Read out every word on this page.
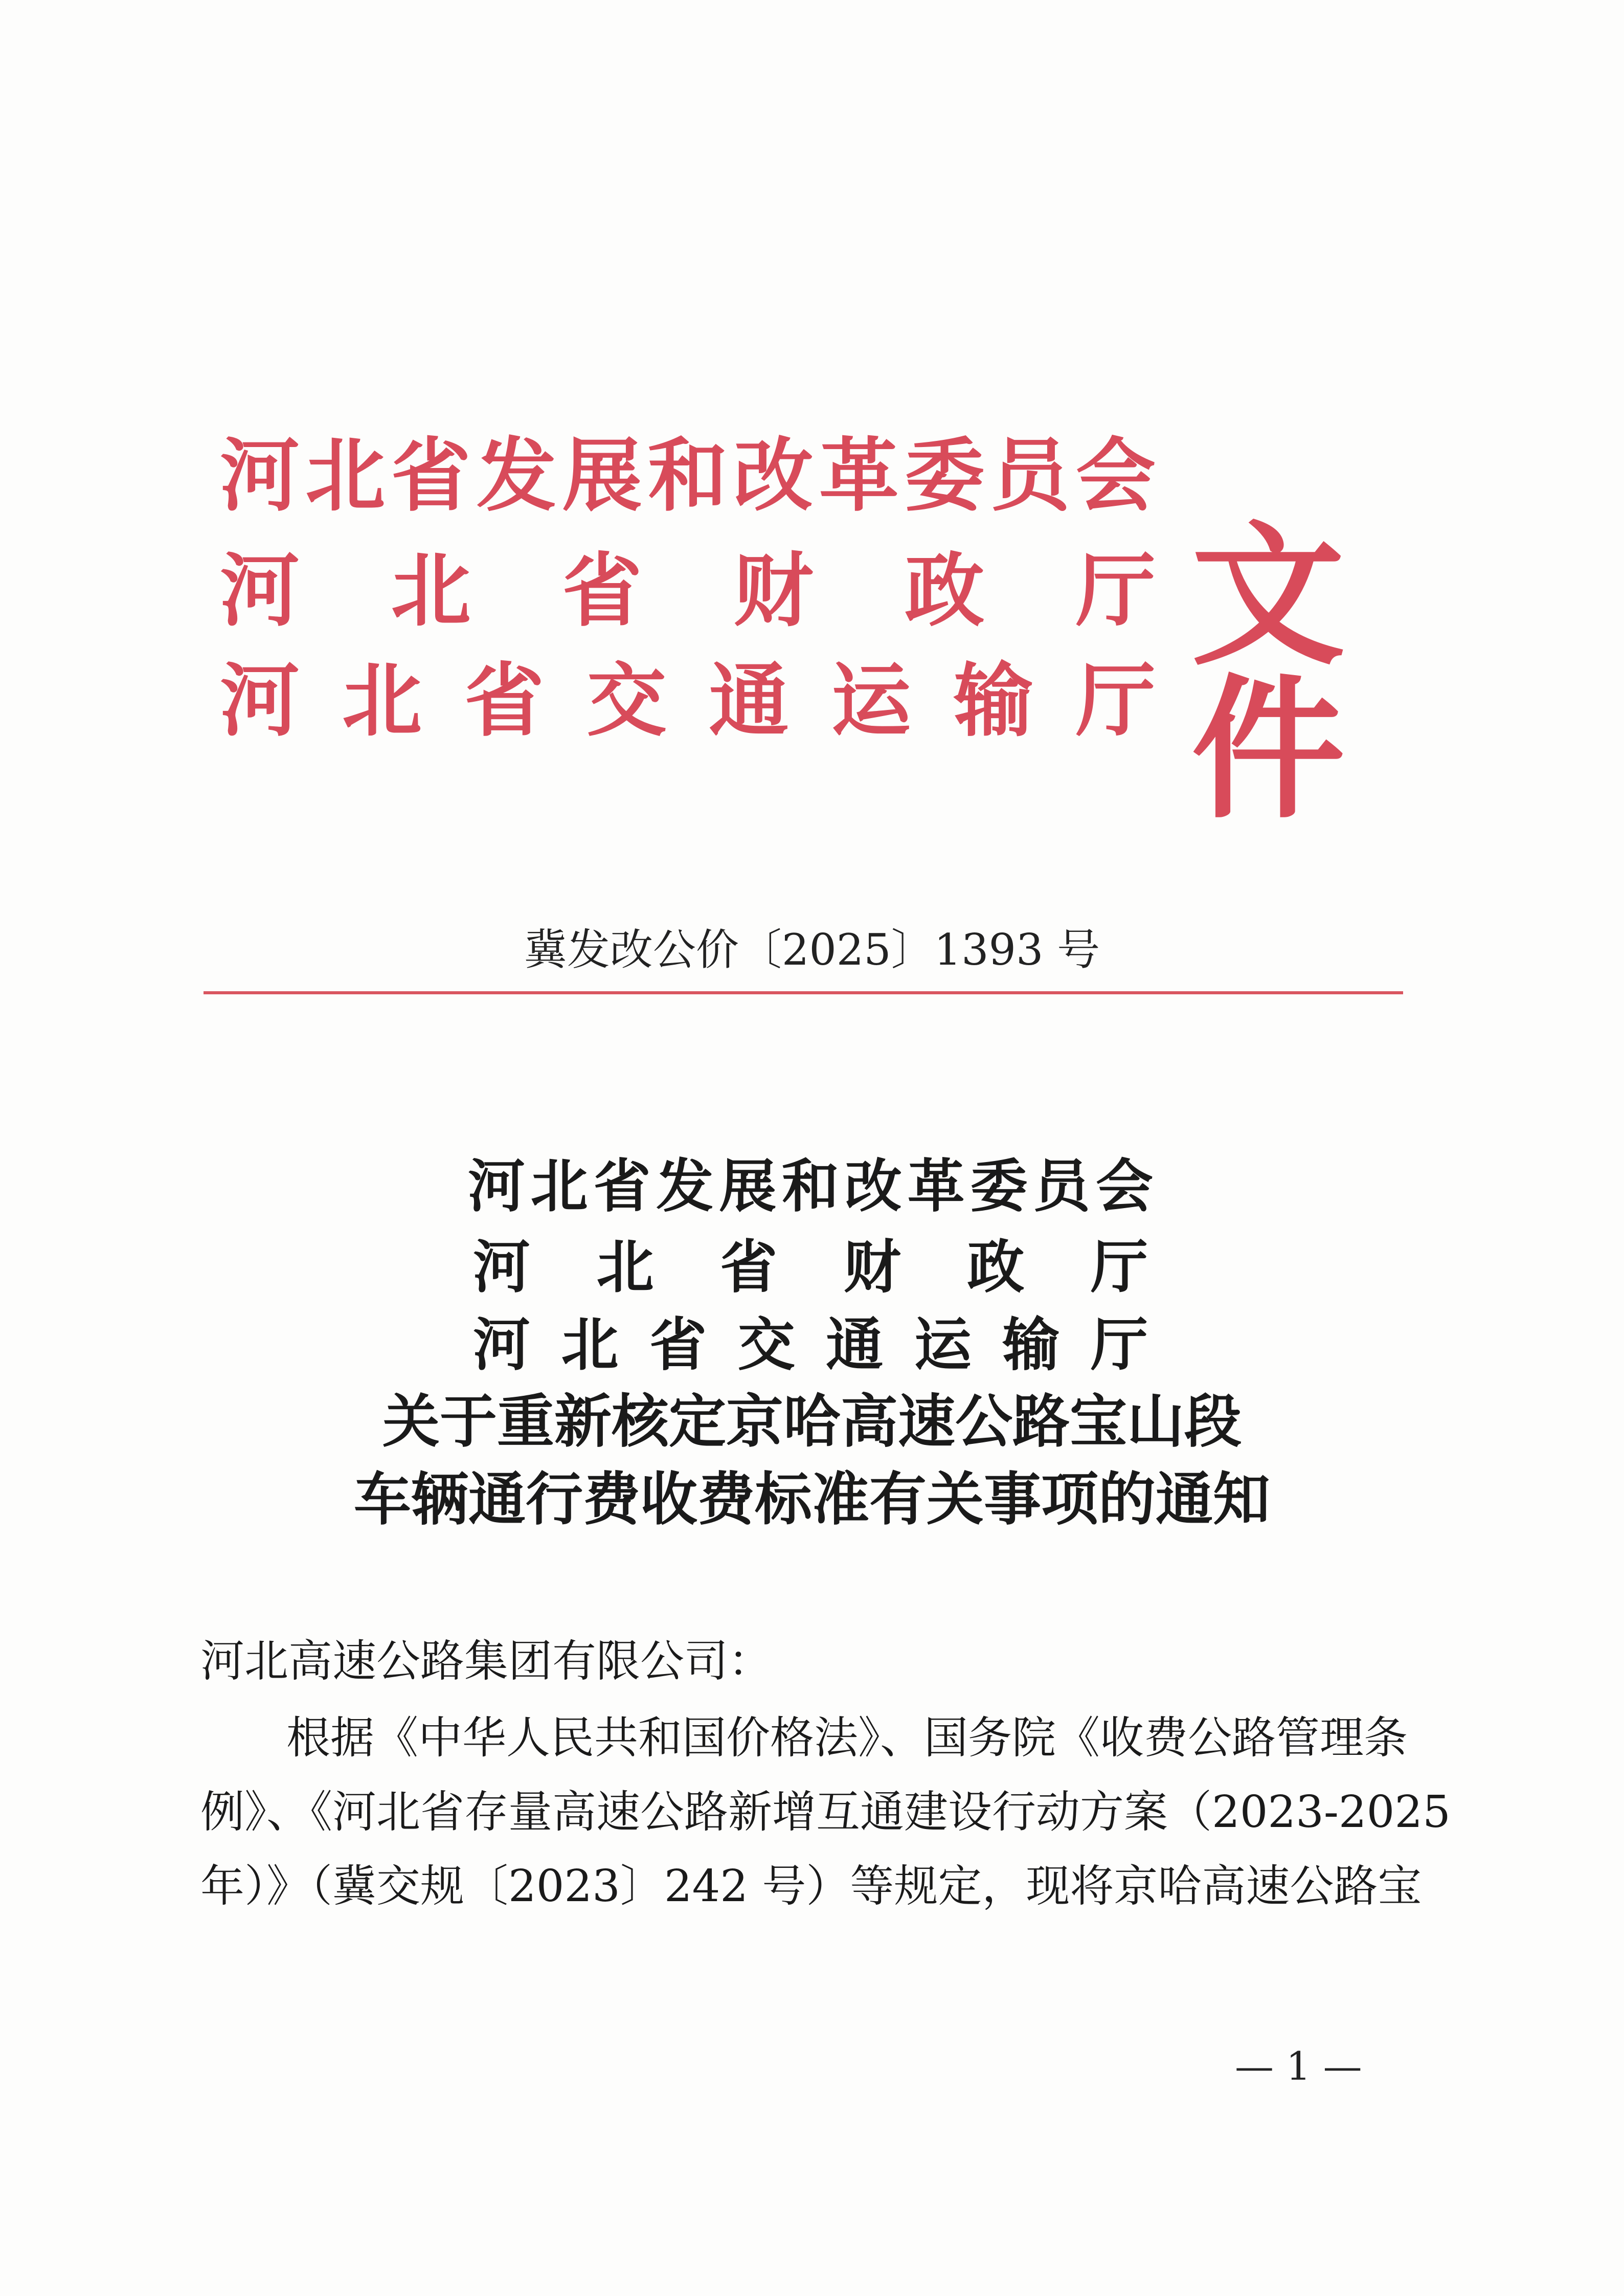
河 北 省 发 展 和 改 革 委 员 会
河 北 省 财 政 厅
河 北 省 交 通 运 输 厅
文件
冀发改公价〔2025〕1393 号
河 北 省 发 展 和 改 革 委 员 会
河 北 省 财 政 厅
河 北 省 交 通 运 输 厅
关于重新核定京哈高速公路宝山段
车辆通行费收费标准有关事项的通知
河北高速公路集团有限公司：
根据《中华人民共和国价格法》、国务院《收费公路管理条
例》、《河北省存量高速公路新增互通建设行动方案（2023-2025
年）》（冀交规〔2023〕242 号）等规定，现将京哈高速公路宝
— 1 —
